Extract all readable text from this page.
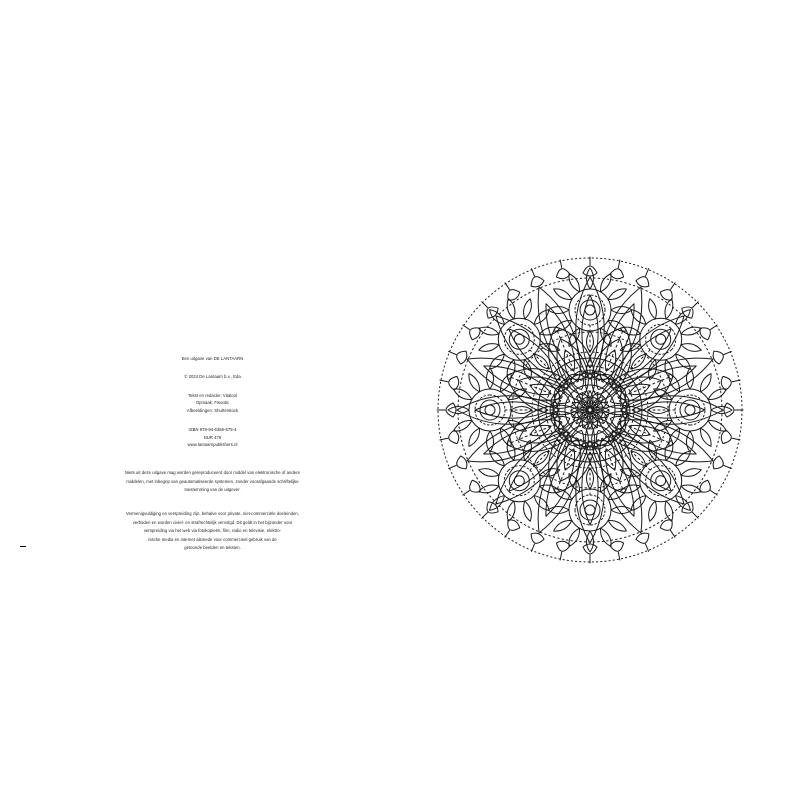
Een uitgave van DE LANTAARN
© 2024 De Lantaarn b.v., Eda
Tekst en redactie: Vitalool
Opmaak: Fwootic
Afbeeldingen: Shutterstock
ISBN 978-94-6356-575-4
NUR 476
www.lantaarnpublishers.nl
Niets uit deze uitgave mag worden gereproduceerd door middel van elektronische of andere
middelen, met inbegrip van geautomatiseerde systemen, zonder voorafgaande schriftelijke
toestemming van de uitgever.
Vermenigvuldiging en verspreiding zijn, behalve voor private, niet-commerciële doeleinden,
verboden en worden civiel- en strafrechtelijk vervolgd. Dit geldt in het bijzonder voor
verspreiding via het web via fotokopieën, film, radio en televisie, elektro-
nische media en internet alsmede voor commercieel gebruik van de
getoonde beelden en teksten.
